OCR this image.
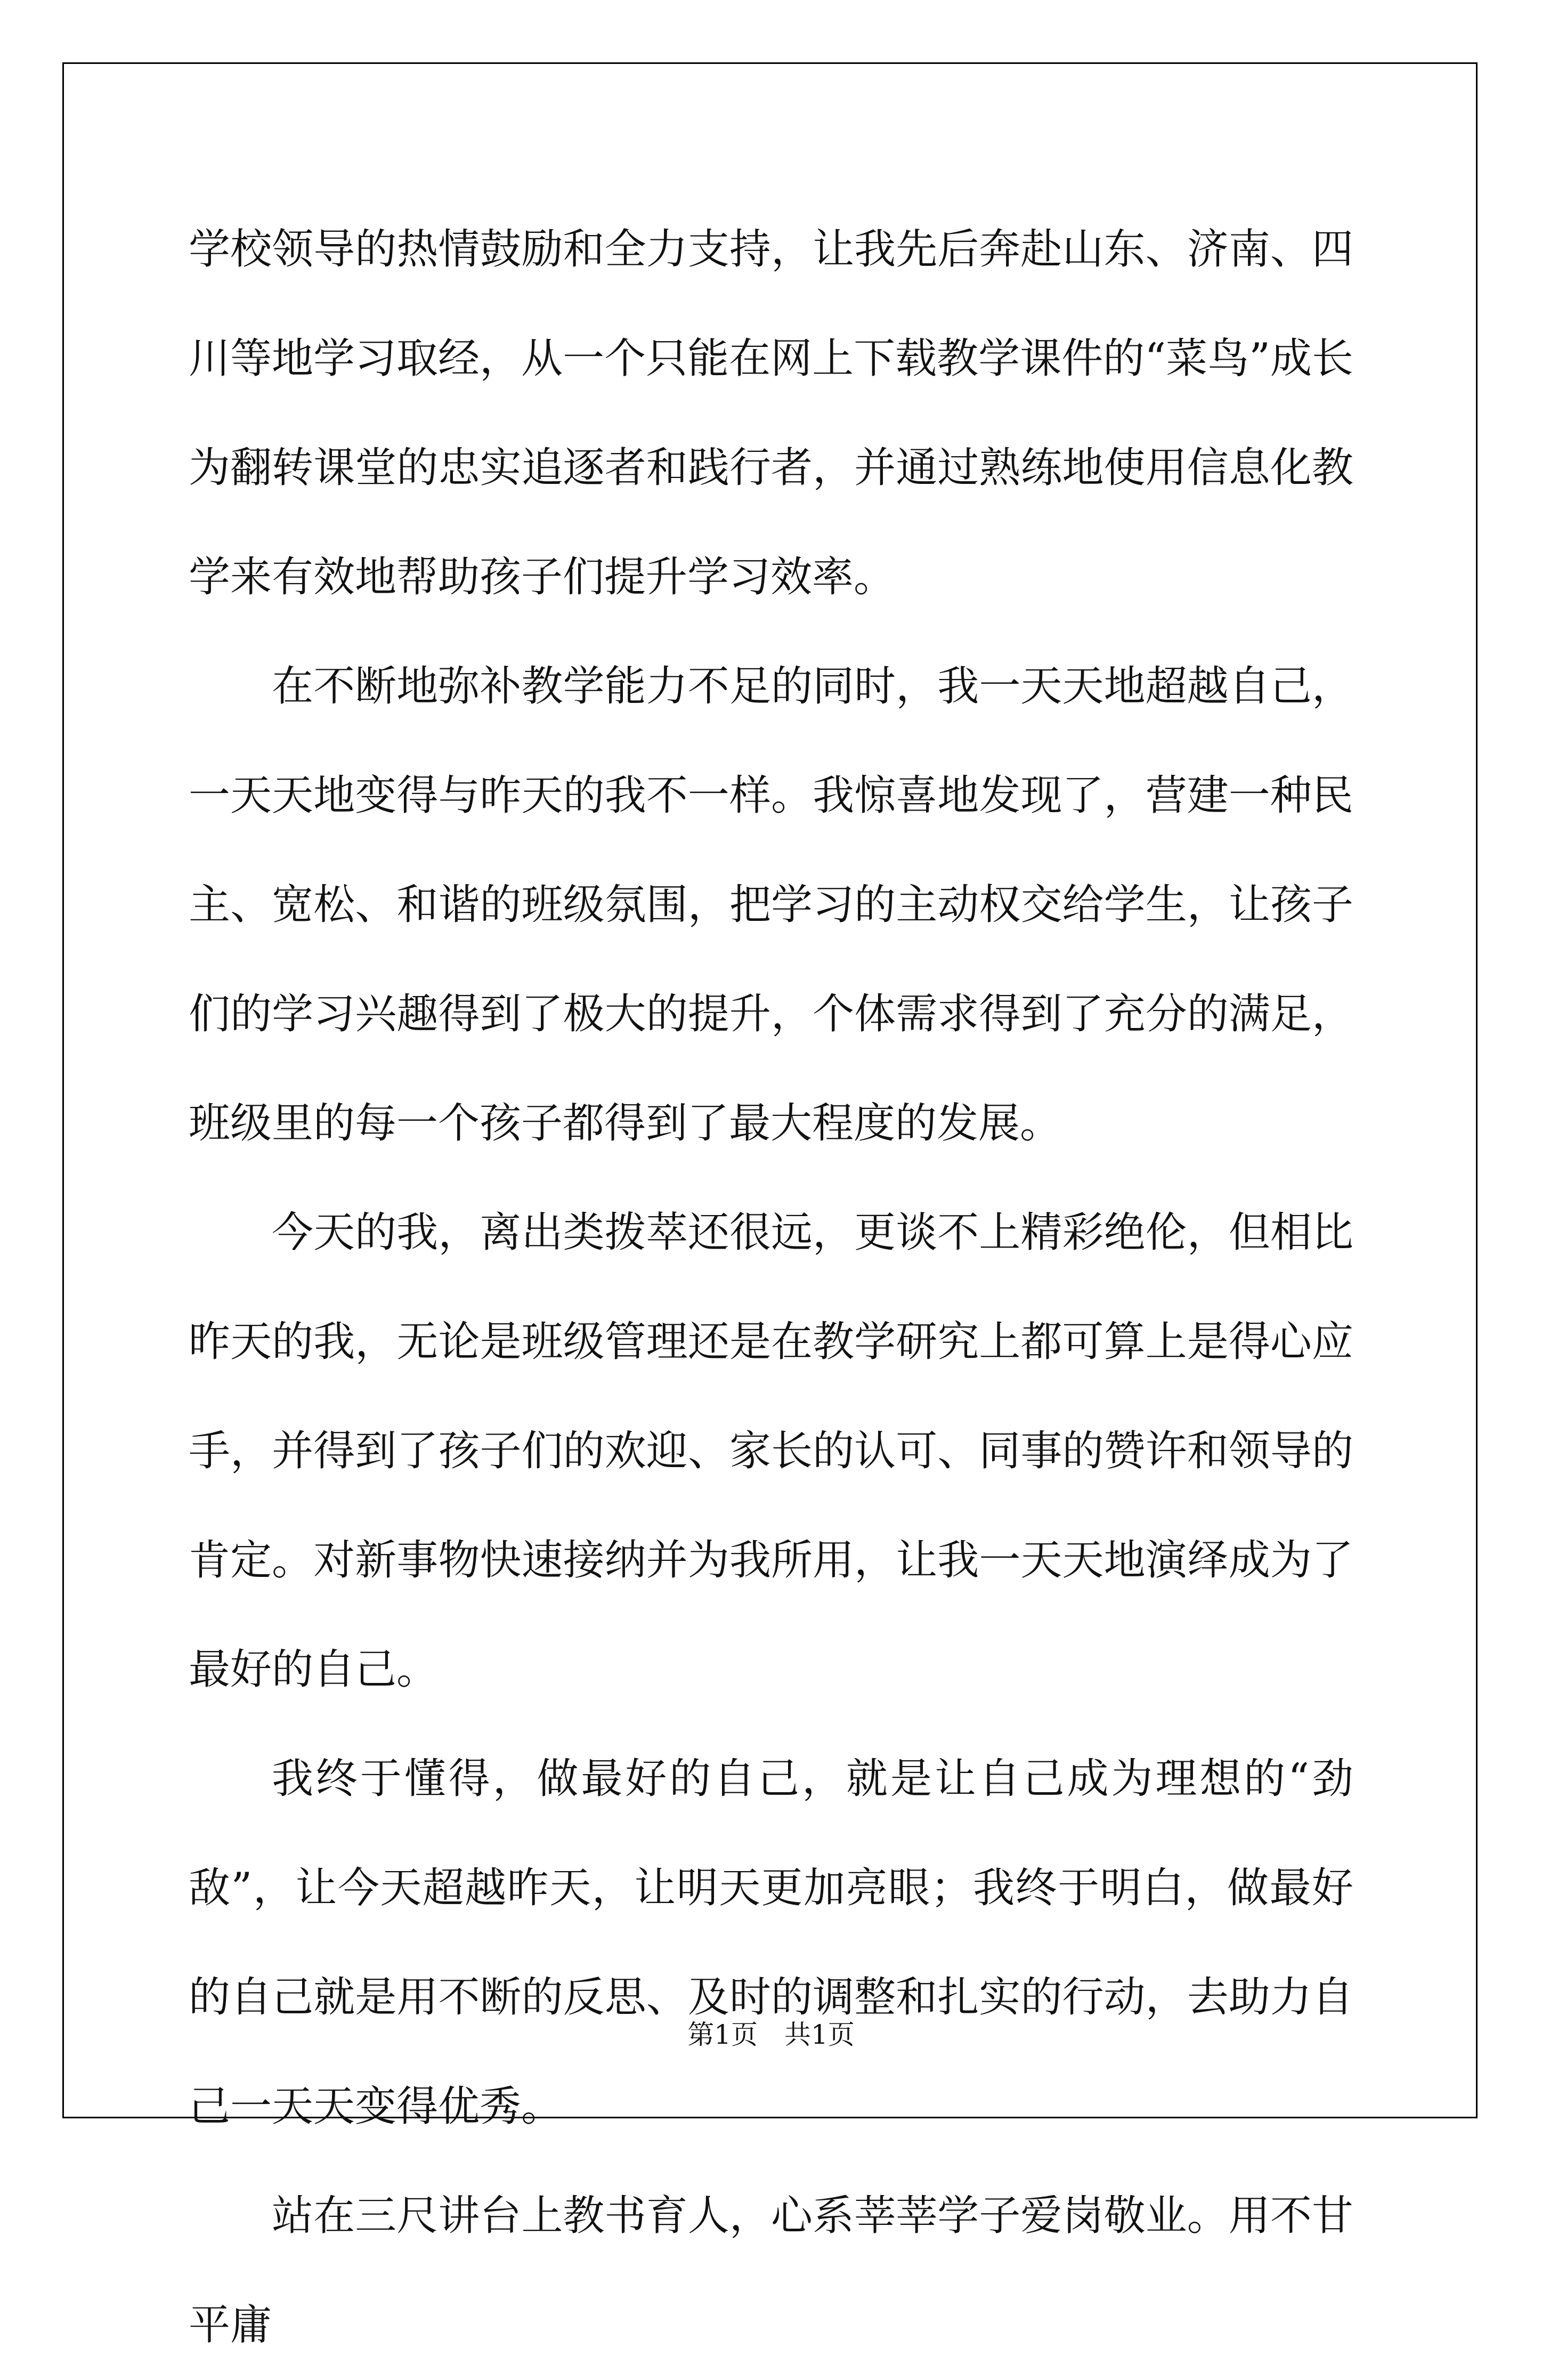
学校领导的热情鼓励和全力支持，让我先后奔赴山东、济南、四川等地学习取经，从一个只能在网上下载教学课件的“菜鸟”成长为翻转课堂的忠实追逐者和践行者，并通过熟练地使用信息化教学来有效地帮助孩子们提升学习效率。

在不断地弥补教学能力不足的同时，我一天天地超越自己，一天天地变得与昨天的我不一样。我惊喜地发现了，营建一种民主、宽松、和谐的班级氛围，把学习的主动权交给学生，让孩子们的学习兴趣得到了极大的提升，个体需求得到了充分的满足，班级里的每一个孩子都得到了最大程度的发展。

今天的我，离出类拨萃还很远，更谈不上精彩绝伦，但相比昨天的我，无论是班级管理还是在教学研究上都可算上是得心应手，并得到了孩子们的欢迎、家长的认可、同事的赞许和领导的肯定。对新事物快速接纳并为我所用，让我一天天地演绎成为了最好的自己。

我终于懂得，做最好的自己，就是让自己成为理想的“劲敌”，让今天超越昨天，让明天更加亮眼；我终于明白，做最好的自己就是用不断的反思、及时的调整和扎实的行动，去助力自己一天天变得优秀。

站在三尺讲台上教书育人，心系莘莘学子爱岗敬业。用不甘平庸

第1页　共1页
